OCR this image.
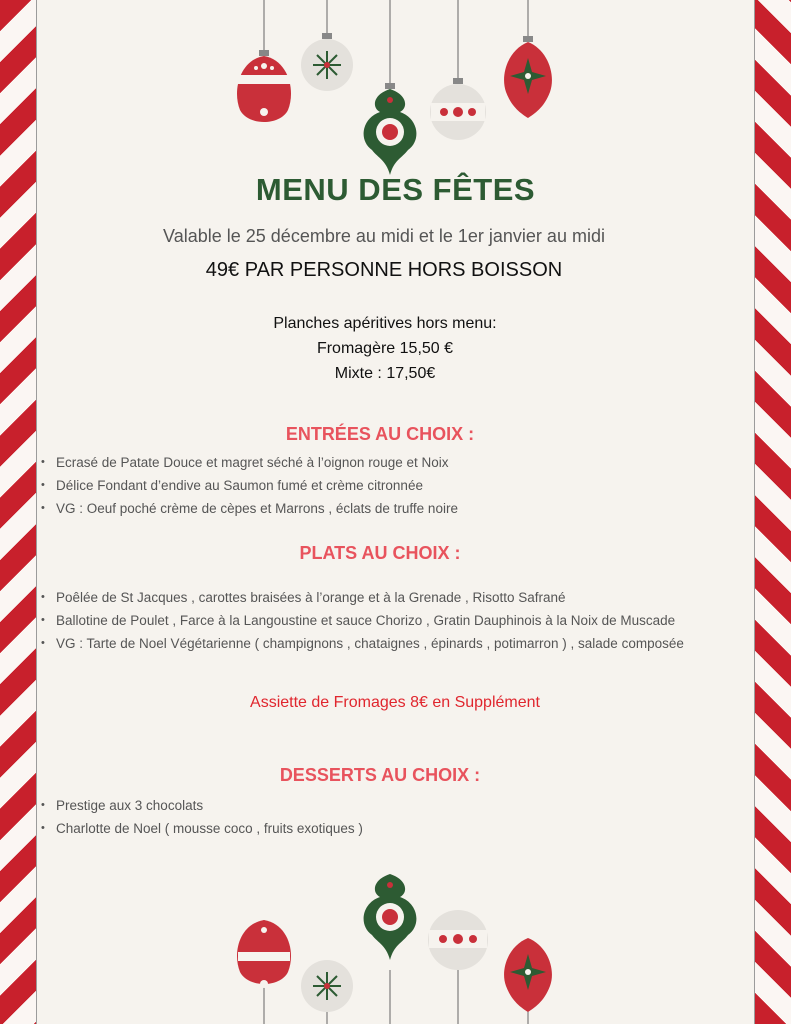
MENU DES FÊTES
Valable le 25 décembre au midi et le 1er janvier au midi
49€ PAR PERSONNE HORS BOISSON
Planches apéritives hors menu:
Fromagère 15,50 €
Mixte : 17,50€
ENTRÉES AU CHOIX :
• Ecrasé de Patate Douce et magret séché à l’oignon rouge et Noix
• Délice Fondant d’endive au Saumon fumé et crème citronnée
• VG : Oeuf poché crème de cèpes et Marrons , éclats de truffe noire
PLATS AU CHOIX :
• Poêlée de St Jacques , carottes braisées à l’orange et à la Grenade , Risotto Safrané
• Ballotine de Poulet , Farce à la Langoustine et sauce Chorizo , Gratin Dauphinois à la Noix de Muscade
• VG : Tarte de Noel Végétarienne ( champignons , chataignes , épinards , potimarron ) , salade composée
Assiette de Fromages 8€ en Supplément
DESSERTS AU CHOIX :
• Prestige aux 3 chocolats
• Charlotte de Noel ( mousse coco , fruits exotiques )
